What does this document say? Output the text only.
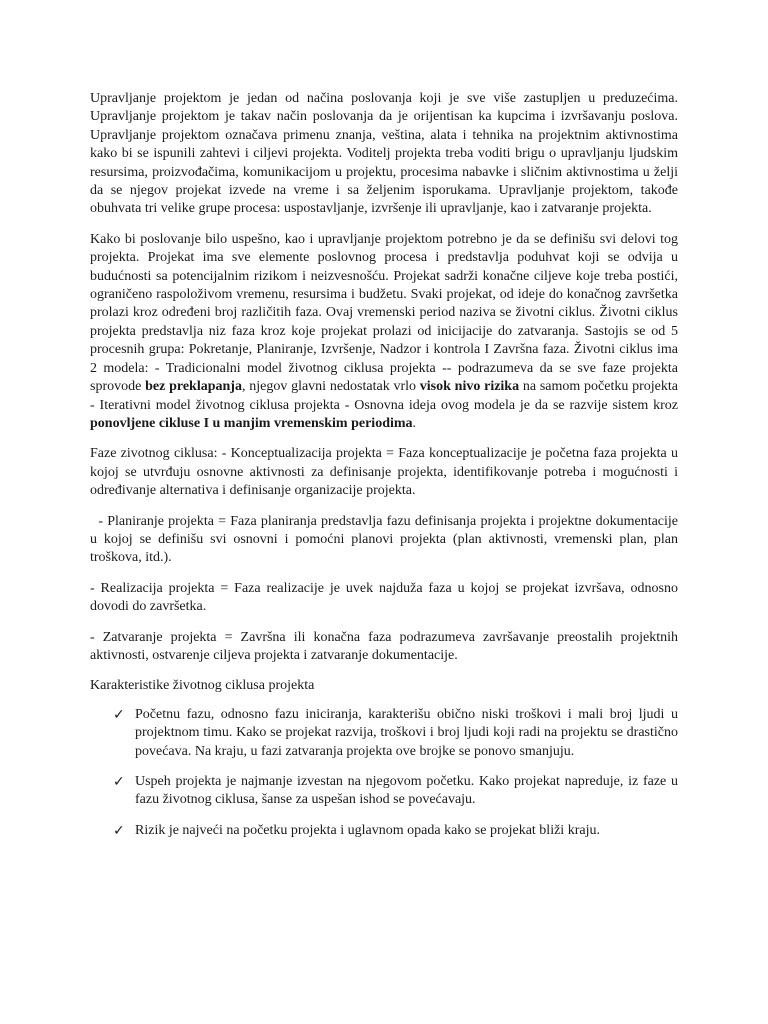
Upravljanje projektom je jedan od načina poslovanja koji je sve više zastupljen u preduzećima. Upravljanje projektom je takav način poslovanja da je orijentisan ka kupcima i izvršavanju poslova. Upravljanje projektom označava primenu znanja, veština, alata i tehnika na projektnim aktivnostima kako bi se ispunili zahtevi i ciljevi projekta. Voditelj projekta treba voditi brigu o upravljanju ljudskim resursima, proizvođačima, komunikacijom u projektu, procesima nabavke i sličnim aktivnostima u želji da se njegov projekat izvede na vreme i sa željenim isporukama. Upravljanje projektom, takođe obuhvata tri velike grupe procesa: uspostavljanje, izvršenje ili upravljanje, kao i zatvaranje projekta.

Kako bi poslovanje bilo uspešno, kao i upravljanje projektom potrebno je da se definišu svi delovi tog projekta. Projekat ima sve elemente poslovnog procesa i predstavlja poduhvat koji se odvija u budućnosti sa potencijalnim rizikom i neizvesnošću. Projekat sadrži konačne ciljeve koje treba postići, ograničeno raspoloživom vremenu, resursima i budžetu. Svaki projekat, od ideje do konačnog završetka prolazi kroz određeni broj različitih faza. Ovaj vremenski period naziva se životni ciklus. Životni ciklus projekta predstavlja niz faza kroz koje projekat prolazi od inicijacije do zatvaranja. Sastojis se od 5 procesnih grupa: Pokretanje, Planiranje, Izvršenje, Nadzor i kontrola I Završna faza. Životni ciklus ima 2 modela: - Tradicionalni model životnog ciklusa projekta -- podrazumeva da se sve faze projekta sprovode bez preklapanja, njegov glavni nedostatak vrlo visok nivo rizika na samom početku projekta - Iterativni model životnog ciklusa projekta - Osnovna ideja ovog modela je da se razvije sistem kroz ponovljene cikluse I u manjim vremenskim periodima.

Faze zivotnog ciklusa: - Konceptualizacija projekta = Faza konceptualizacije je početna faza projekta u kojoj se utvrđuju osnovne aktivnosti za definisanje projekta, identifikovanje potreba i mogućnosti i određivanje alternativa i definisanje organizacije projekta.

- Planiranje projekta = Faza planiranja predstavlja fazu definisanja projekta i projektne dokumentacije u kojoj se definišu svi osnovni i pomoćni planovi projekta (plan aktivnosti, vremenski plan, plan troškova, itd.).

- Realizacija projekta = Faza realizacije je uvek najduža faza u kojoj se projekat izvršava, odnosno dovodi do završetka.

- Zatvaranje projekta = Završna ili konačna faza podrazumeva završavanje preostalih projektnih aktivnosti, ostvarenje ciljeva projekta i zatvaranje dokumentacije.

Karakteristike životnog ciklusa projekta

✓ Početnu fazu, odnosno fazu iniciranja, karakterišu obično niski troškovi i mali broj ljudi u projektnom timu. Kako se projekat razvija, troškovi i broj ljudi koji radi na projektu se drastično povećava. Na kraju, u fazi zatvaranja projekta ove brojke se ponovo smanjuju.
✓ Uspeh projekta je najmanje izvestan na njegovom početku. Kako projekat napreduje, iz faze u fazu životnog ciklusa, šanse za uspešan ishod se povećavaju.
✓ Rizik je najveći na početku projekta i uglavnom opada kako se projekat bliži kraju.
